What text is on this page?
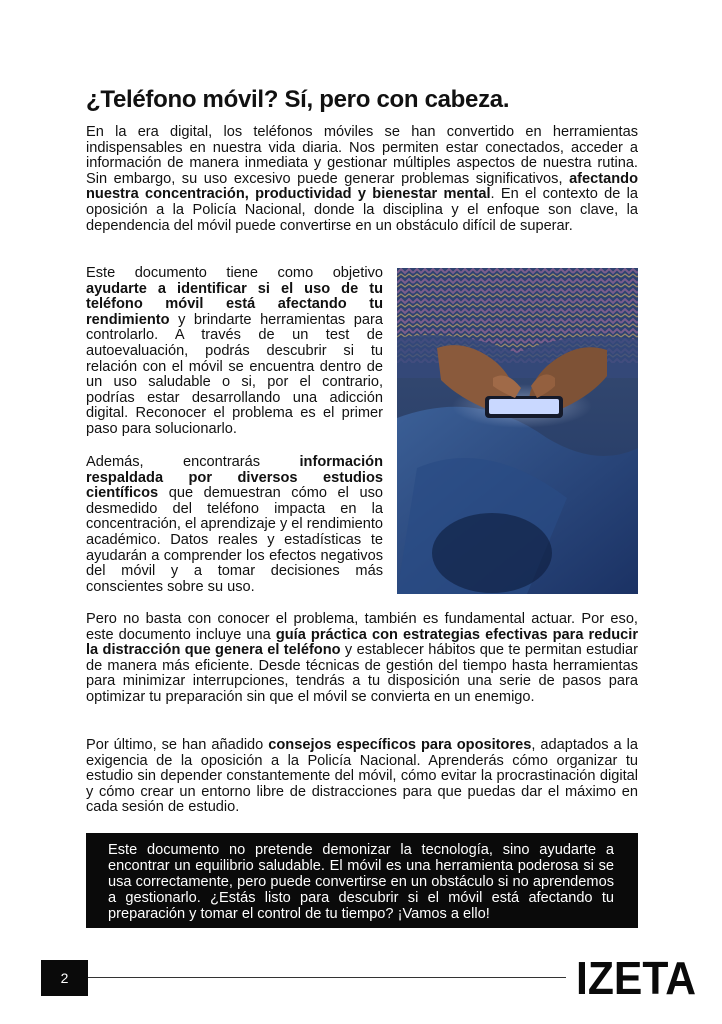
¿Teléfono móvil? Sí, pero con cabeza.

En la era digital, los teléfonos móviles se han convertido en herramientas indispensables en nuestra vida diaria. Nos permiten estar conectados, acceder a información de manera inmediata y gestionar múltiples aspectos de nuestra rutina. Sin embargo, su uso excesivo puede generar problemas significativos, afectando nuestra concentración, productividad y bienestar mental. En el contexto de la oposición a la Policía Nacional, donde la disciplina y el enfoque son clave, la dependencia del móvil puede convertirse en un obstáculo difícil de superar.

Este documento tiene como objetivo ayudarte a identificar si el uso de tu teléfono móvil está afectando tu rendimiento y brindarte herramientas para controlarlo. A través de un test de autoevaluación, podrás descubrir si tu relación con el móvil se encuentra dentro de un uso saludable o si, por el contrario, podrías estar desarrollando una adicción digital. Reconocer el problema es el primer paso para solucionarlo.

Además, encontrarás información respaldada por diversos estudios científicos que demuestran cómo el uso desmedido del teléfono impacta en la concentración, el aprendizaje y el rendimiento académico. Datos reales y estadísticas te ayudarán a comprender los efectos negativos del móvil y a tomar decisiones más conscientes sobre su uso.

Pero no basta con conocer el problema, también es fundamental actuar. Por eso, este documento incluye una guía práctica con estrategias efectivas para reducir la distracción que genera el teléfono y establecer hábitos que te permitan estudiar de manera más eficiente. Desde técnicas de gestión del tiempo hasta herramientas para minimizar interrupciones, tendrás a tu disposición una serie de pasos para optimizar tu preparación sin que el móvil se convierta en un enemigo.

Por último, se han añadido consejos específicos para opositores, adaptados a la exigencia de la oposición a la Policía Nacional. Aprenderás cómo organizar tu estudio sin depender constantemente del móvil, cómo evitar la procrastinación digital y cómo crear un entorno libre de distracciones para que puedas dar el máximo en cada sesión de estudio.

Este documento no pretende demonizar la tecnología, sino ayudarte a encontrar un equilibrio saludable. El móvil es una herramienta poderosa si se usa correctamente, pero puede convertirse en un obstáculo si no aprendemos a gestionarlo. ¿Estás listo para descubrir si el móvil está afectando tu preparación y tomar el control de tu tiempo? ¡Vamos a ello!

2	IZETA
